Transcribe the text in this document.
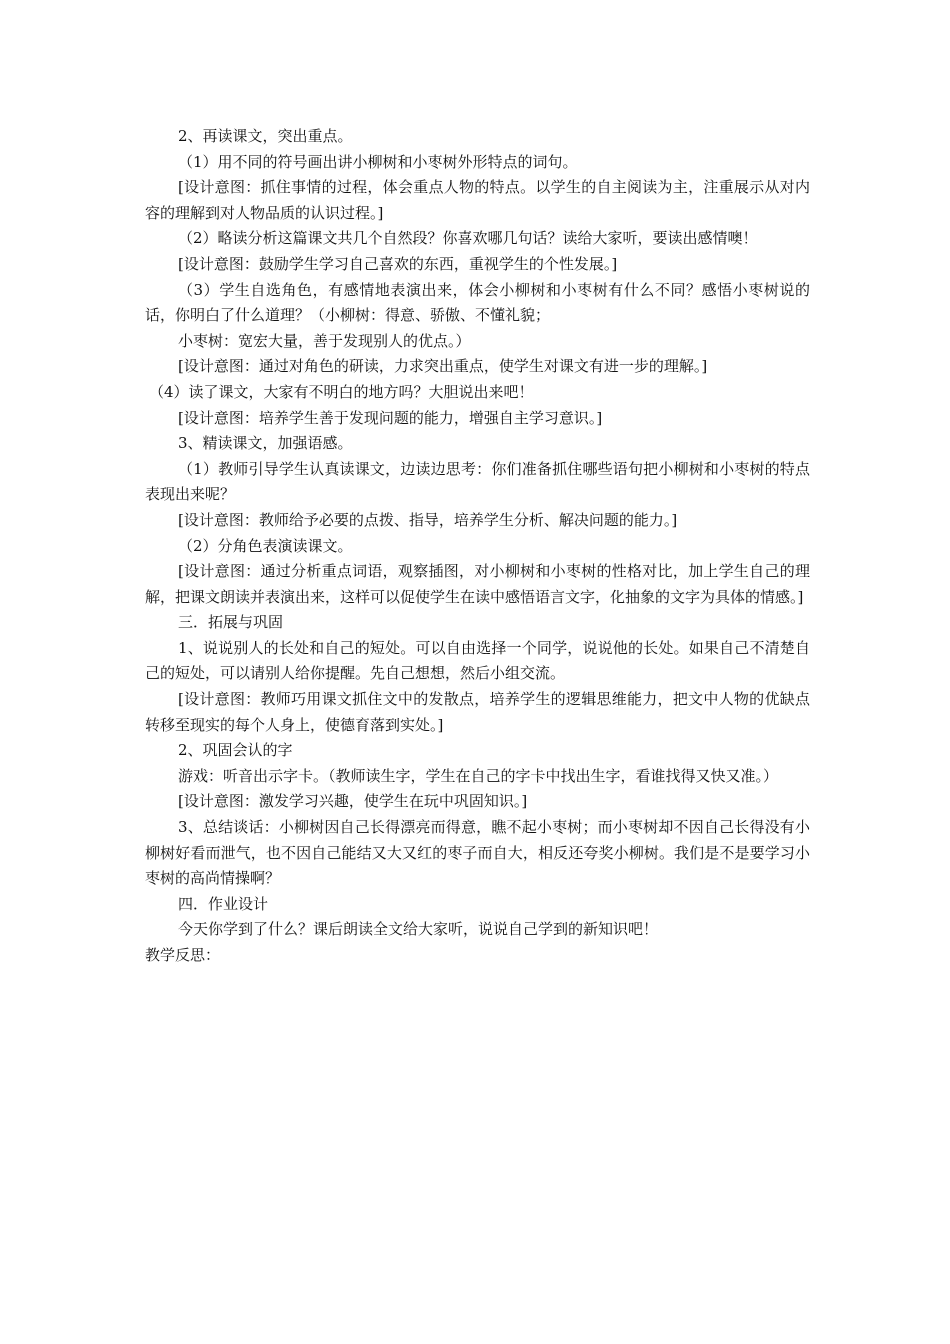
2、再读课文，突出重点。

（1）用不同的符号画出讲小柳树和小枣树外形特点的词句。

[设计意图：抓住事情的过程，体会重点人物的特点。以学生的自主阅读为主，注重展示从对内容的理解到对人物品质的认识过程。]

（2）略读分析这篇课文共几个自然段？你喜欢哪几句话？读给大家听，要读出感情噢！

[设计意图：鼓励学生学习自己喜欢的东西，重视学生的个性发展。]

（3）学生自选角色，有感情地表演出来，体会小柳树和小枣树有什么不同？感悟小枣树说的话，你明白了什么道理？（小柳树：得意、骄傲、不懂礼貌；

小枣树：宽宏大量，善于发现别人的优点。）

[设计意图：通过对角色的研读，力求突出重点，使学生对课文有进一步的理解。]

（4）读了课文，大家有不明白的地方吗？大胆说出来吧！

[设计意图：培养学生善于发现问题的能力，增强自主学习意识。]

3、精读课文，加强语感。

（1）教师引导学生认真读课文，边读边思考：你们准备抓住哪些语句把小柳树和小枣树的特点表现出来呢？

[设计意图：教师给予必要的点拨、指导，培养学生分析、解决问题的能力。]

（2）分角色表演读课文。

[设计意图：通过分析重点词语，观察插图，对小柳树和小枣树的性格对比，加上学生自己的理解，把课文朗读并表演出来，这样可以促使学生在读中感悟语言文字，化抽象的文字为具体的情感。]

三．拓展与巩固

1、说说别人的长处和自己的短处。可以自由选择一个同学，说说他的长处。如果自己不清楚自己的短处，可以请别人给你提醒。先自己想想，然后小组交流。

[设计意图：教师巧用课文抓住文中的发散点，培养学生的逻辑思维能力，把文中人物的优缺点转移至现实的每个人身上，使德育落到实处。]

2、巩固会认的字

游戏：听音出示字卡。（教师读生字，学生在自己的字卡中找出生字，看谁找得又快又准。）

[设计意图：激发学习兴趣，使学生在玩中巩固知识。]

3、总结谈话：小柳树因自己长得漂亮而得意，瞧不起小枣树；而小枣树却不因自己长得没有小柳树好看而泄气，也不因自己能结又大又红的枣子而自大，相反还夸奖小柳树。我们是不是要学习小枣树的高尚情操啊？

四．作业设计

今天你学到了什么？课后朗读全文给大家听，说说自己学到的新知识吧！

教学反思：
